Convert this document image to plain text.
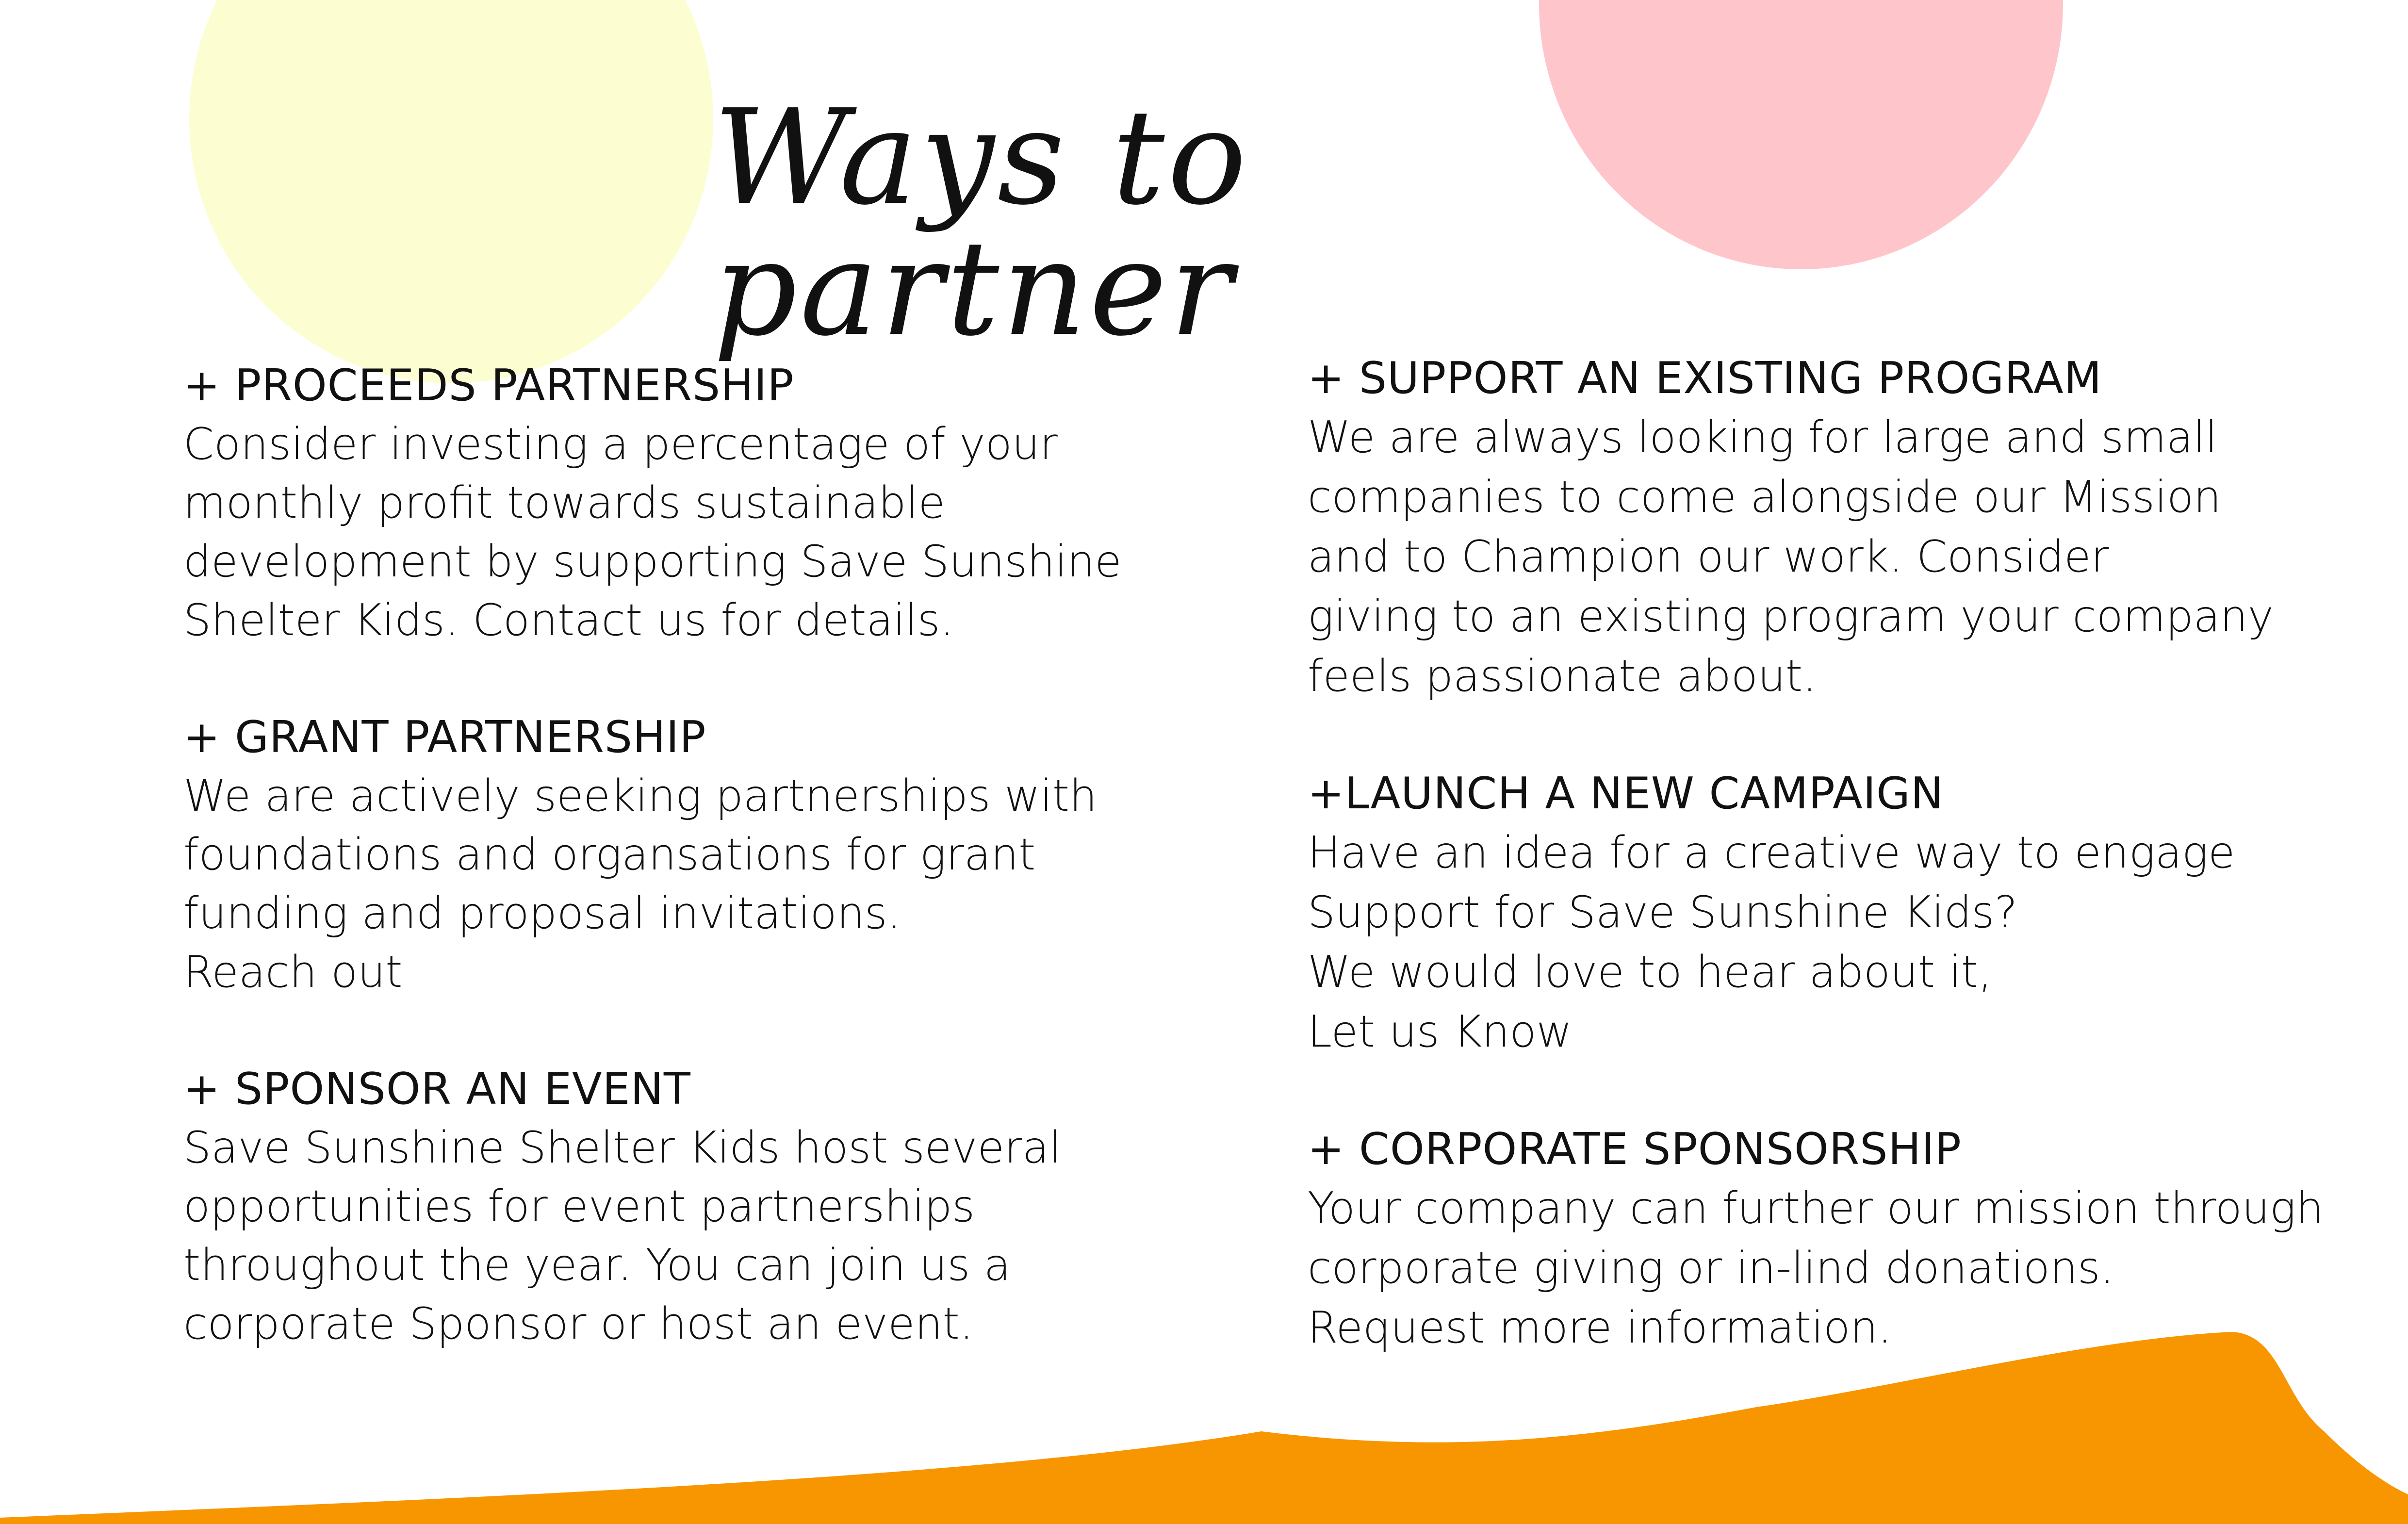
Ways to partner
+ PROCEEDS PARTNERSHIP

Consider investing a percentage of your
monthly profit towards sustainable
development by supporting Save Sunshine
Shelter Kids. Contact us for details.

+ GRANT PARTNERSHIP

We are actively seeking partnerships with
foundations and organsations for grant
funding and proposal invitations.
Reach out

+ SPONSOR AN EVENT

Save Sunshine Shelter Kids host several
opportunities for event partnerships
throughout the year. You can join us a
corporate Sponsor or host an event.

+ SUPPORT AN EXISTING PROGRAM

We are always looking for large and small
companies to come alongside our Mission
and to Champion our work. Consider
giving to an existing program your company
feels passionate about.

+LAUNCH A NEW CAMPAIGN

Have an idea for a creative way to engage
Support for Save Sunshine Kids?
We would love to hear about it,
Let us Know

+ CORPORATE SPONSORSHIP

Your company can further our mission through
corporate giving or in-lind donations.
Request more information.
